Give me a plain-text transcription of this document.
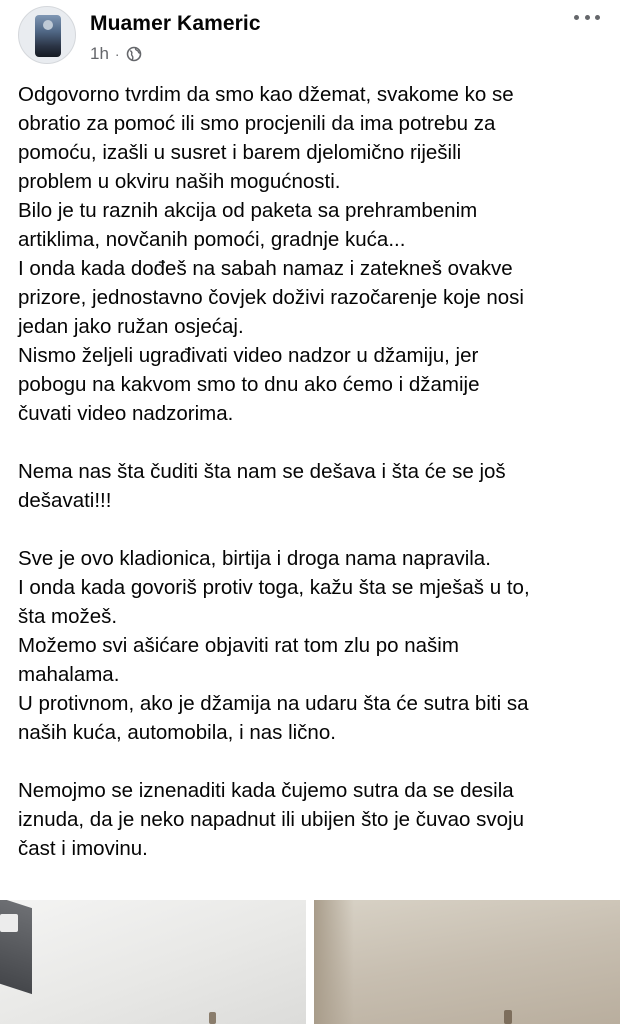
Muamer Kameric
1h ·

Odgovorno tvrdim da smo kao džemat, svakome ko se

obratio za pomoć ili smo procjenili da ima potrebu za

pomoću, izašli u susret i barem djelomično riješili

problem u okviru naših mogućnosti.

Bilo je tu raznih akcija od paketa sa prehrambenim

artiklima, novčanih pomoći, gradnje kuća...

I onda kada dođeš na sabah namaz i zatekneš ovakve

prizore, jednostavno čovjek doživi razočarenje koje nosi

jedan jako ružan osjećaj.

Nismo željeli ugrađivati video nadzor u džamiju, jer

pobogu na kakvom smo to dnu ako ćemo i džamije

čuvati video nadzorima.

Nema nas šta čuditi šta nam se dešava i šta će se još

dešavati!!!

Sve je ovo kladionica, birtija i droga nama napravila.

I onda kada govoriš protiv toga, kažu šta se mješaš u to,

šta možeš.

Možemo svi ašićare objaviti rat tom zlu po našim

mahalama.

U protivnom, ako je džamija na udaru šta će sutra biti sa

naših kuća, automobila, i nas lično.

Nemojmo se iznenaditi kada čujemo sutra da se desila

iznuda, da je neko napadnut ili ubijen što je čuvao svoju

čast i imovinu.
